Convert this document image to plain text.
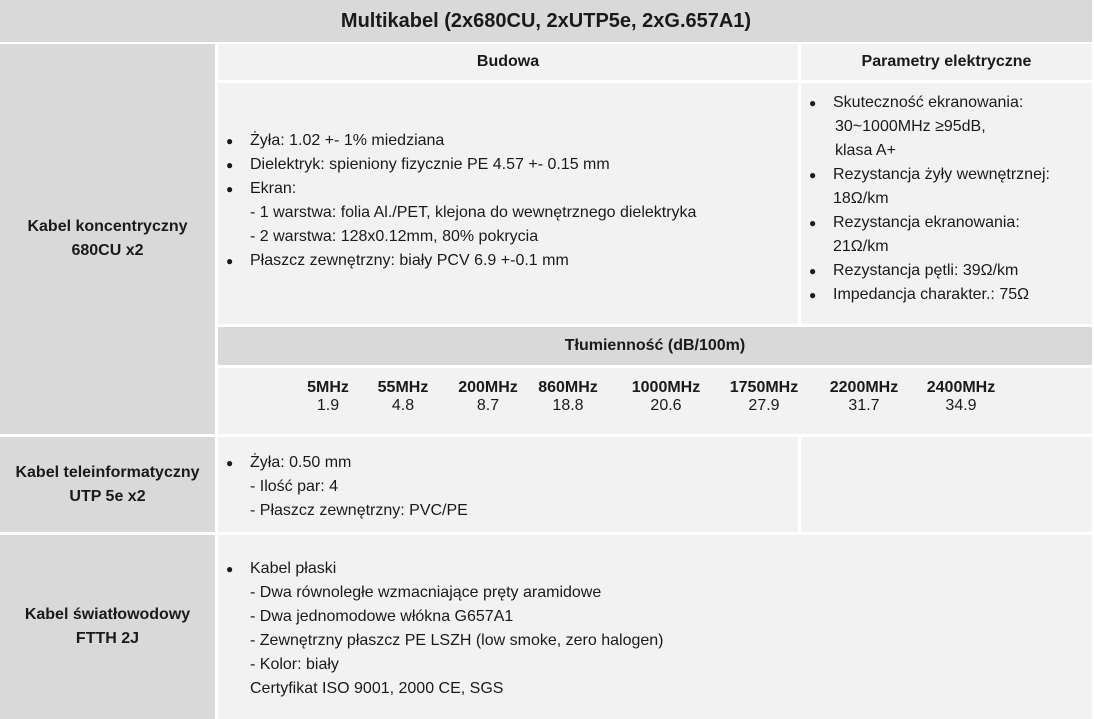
Multikabel (2x680CU, 2xUTP5e, 2xG.657A1)
Kabel koncentryczny
680CU x2
Budowa	Parametry elektryczne
● Żyła: 1.02 +- 1% miedziana
● Dielektryk: spieniony fizycznie PE 4.57 +- 0.15 mm
● Ekran:
- 1 warstwa: folia Al./PET, klejona do wewnętrznego dielektryka
- 2 warstwa: 128x0.12mm, 80% pokrycia
● Płaszcz zewnętrzny: biały PCV 6.9 +-0.1 mm
● Skuteczność ekranowania:
30~1000MHz ≥95dB,
klasa A+
● Rezystancja żyły wewnętrznej:
18Ω/km
● Rezystancja ekranowania:
21Ω/km
● Rezystancja pętli: 39Ω/km
● Impedancja charakter.: 75Ω
Tłumienność (dB/100m)
5MHz
1.9
55MHz
4.8
200MHz
8.7
860MHz
18.8
1000MHz
20.6
1750MHz
27.9
2200MHz
31.7
2400MHz
34.9
Kabel teleinformatyczny
UTP 5e x2
● Żyła: 0.50 mm
- Ilość par: 4
- Płaszcz zewnętrzny: PVC/PE
Kabel światłowodowy
FTTH 2J
● Kabel płaski
- Dwa równoległe wzmacniające pręty aramidowe
- Dwa jednomodowe włókna G657A1
- Zewnętrzny płaszcz PE LSZH (low smoke, zero halogen)
- Kolor: biały
Certyfikat ISO 9001, 2000 CE, SGS
